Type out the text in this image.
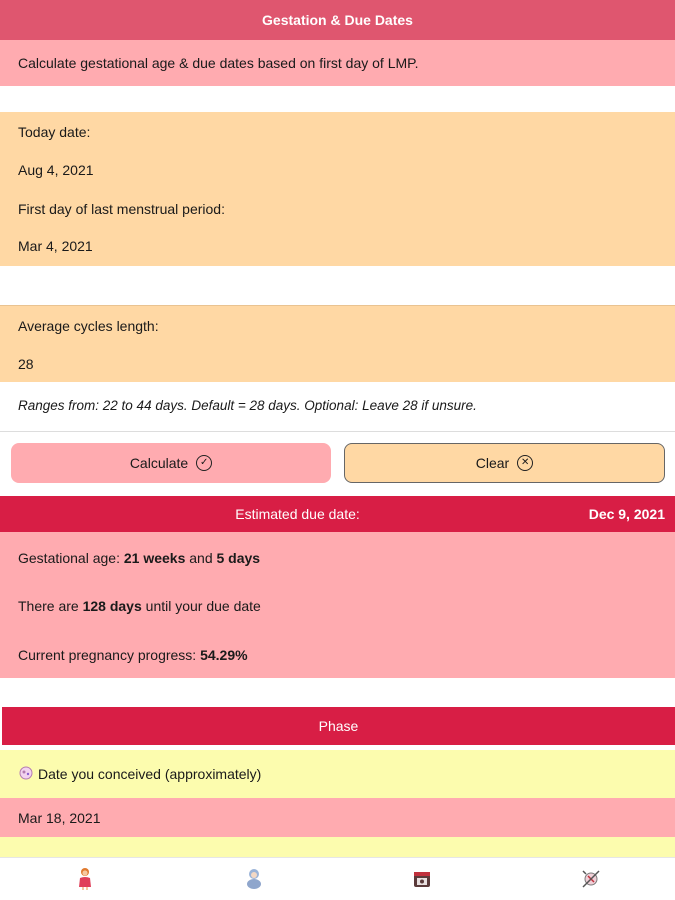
Gestation & Due Dates
Calculate gestational age & due dates based on first day of LMP.
Today date:
Aug 4, 2021
First day of last menstrual period:
Mar 4, 2021
Average cycles length:
28
Ranges from: 22 to 44 days. Default = 28 days. Optional: Leave 28 if unsure.
Calculate	✓	Clear	✕
Estimated due date:	Dec 9, 2021
Gestational age: 21 weeks and 5 days
There are 128 days until your due date
Current pregnancy progress: 54.29%
Phase
Date you conceived (approximately)
Mar 18, 2021
